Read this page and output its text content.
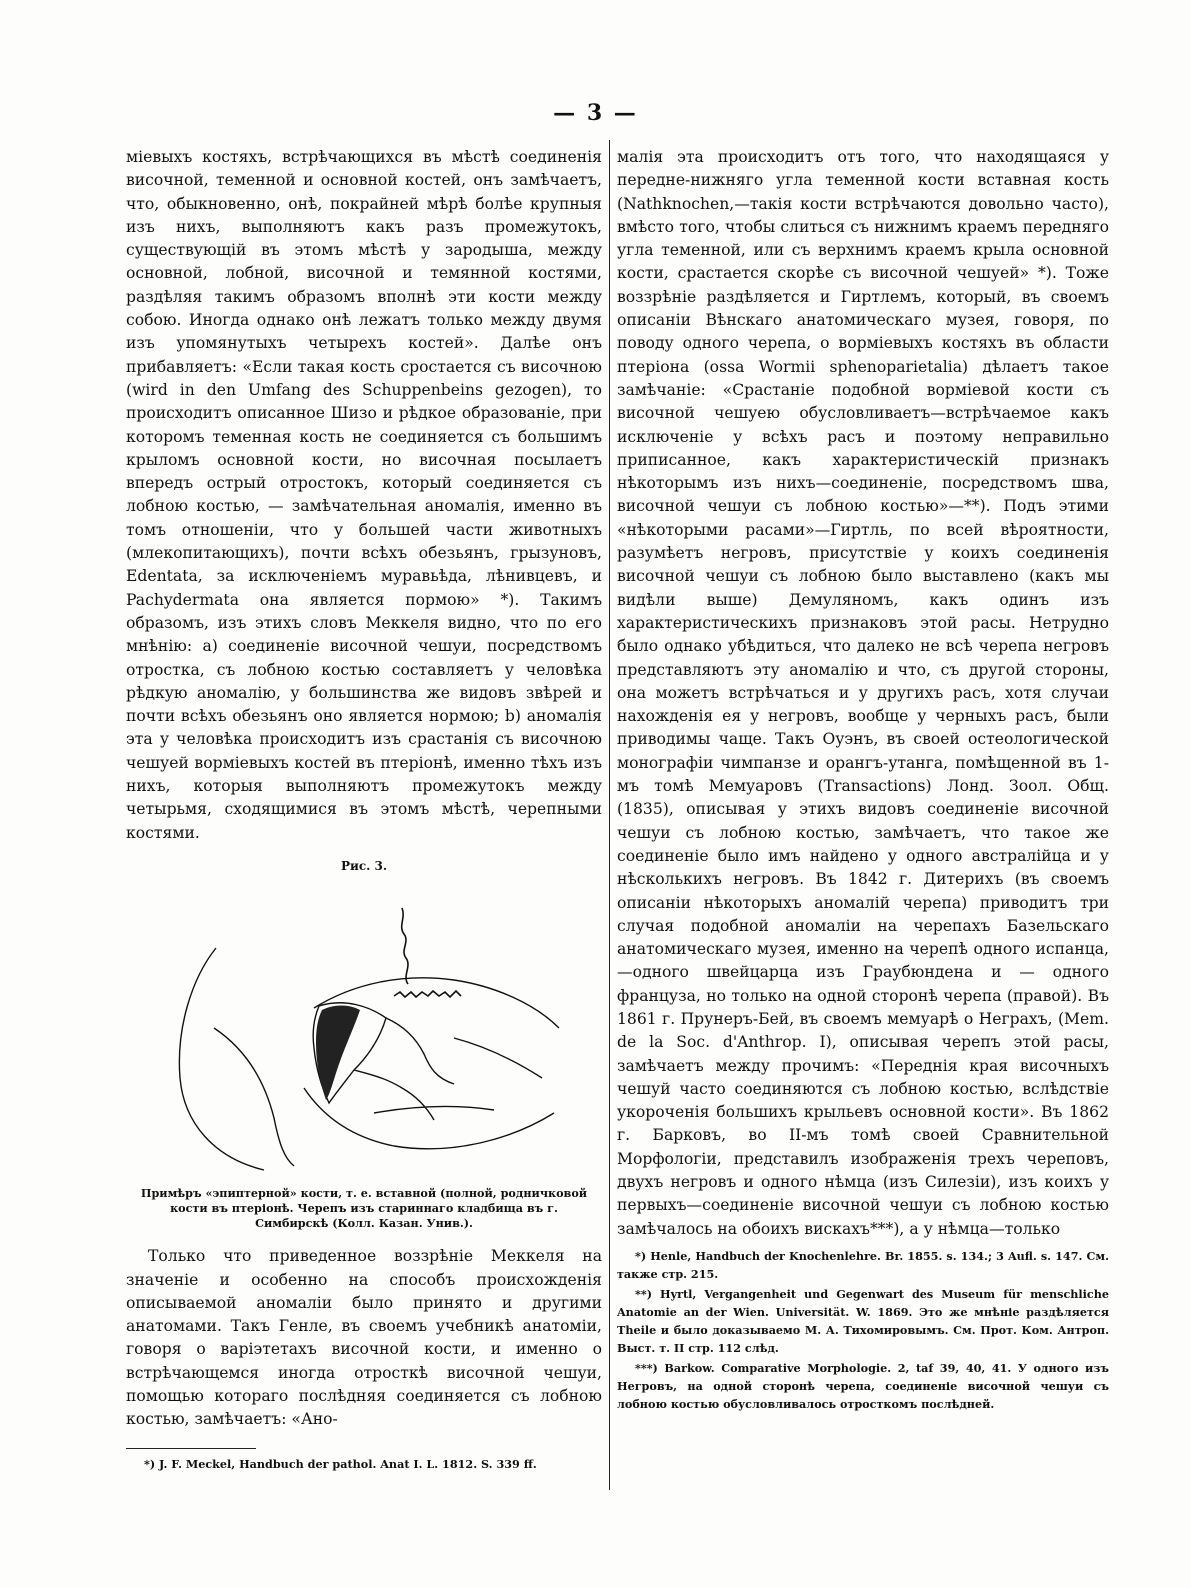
— 3 —

міевыхъ костяхъ, встрѣчающихся въ мѣстѣ соединенія височной, теменной и основной костей, онъ замѣчаетъ, что, обыкновенно, онѣ, покрайней мѣрѣ болѣе крупныя изъ нихъ, выполняютъ какъ разъ промежутокъ, существующій въ этомъ мѣстѣ у зародыша, между основной, лобной, височной и темянной костями, раздѣляя такимъ образомъ вполнѣ эти кости между собою. Иногда однако онѣ лежатъ только между двумя изъ упомянутыхъ четырехъ костей». Далѣе онъ прибавляетъ: «Если такая кость сростается съ височною (wird in den Umfang des Schuppenbeins gezogen), то происходитъ описанное Шизо и рѣдкое образованіе, при которомъ теменная кость не соединяется съ большимъ крыломъ основной кости, но височная посылаетъ впередъ острый отростокъ, который соединяется съ лобною костью, — замѣчательная аномалія, именно въ томъ отношеніи, что у большей части животныхъ (млекопитающихъ), почти всѣхъ обезьянъ, грызуновъ, Edentata, за исключеніемъ муравьѣда, лѣнивцевъ, и Pachydermata она является пормою» *). Такимъ образомъ, изъ этихъ словъ Меккеля видно, что по его мнѣнію: а) соединеніе височной чешуи, посредствомъ отростка, съ лобною костью составляетъ у человѣка рѣдкую аномалію, у большинства же видовъ звѣрей и почти всѣхъ обезьянъ оно является нормою; b) аномалія эта у человѣка происходитъ изъ срастанія съ височною чешуей ворміевыхъ костей въ птеріонѣ, именно тѣхъ изъ нихъ, которыя выполняютъ промежутокъ между четырьмя, сходящимися въ этомъ мѣстѣ, черепными костями.

Рис. 3.
Примѣръ «эпиптерной» кости, т. е. вставной (полной, родничковой кости въ птеріонѣ. Черепъ изъ стариннаго кладбища въ г. Симбирскѣ (Колл. Казан. Унив.).

Только что приведенное воззрѣніе Меккеля на значеніе и особенно на способъ происхожденія описываемой аномаліи было принято и другими анатомами. Такъ Генле, въ своемъ учебникѣ анатоміи, говоря о варіэтетахъ височной кости, и именно о встрѣчающемся иногда отросткѣ височной чешуи, помощью котораго послѣдняя соединяется съ лобною костью, замѣчаетъ: «Ано-

*) J. F. Meckel, Handbuch der pathol. Anat I. L. 1812. S. 339 ff.

малія эта происходитъ отъ того, что находящаяся у передне-нижняго угла теменной кости вставная кость (Nathknochen,—такія кости встрѣчаются довольно часто), вмѣсто того, чтобы слиться съ нижнимъ краемъ передняго угла теменной, или съ верхнимъ краемъ крыла основной кости, срастается скорѣе съ височной чешуей» *). Тоже воззрѣніе раздѣляется и Гиртлемъ, который, въ своемъ описаніи Вѣнскаго анатомическаго музея, говоря, по поводу одного черепа, о ворміевыхъ костяхъ въ области птеріона (ossa Wormii sphenoparietalia) дѣлаетъ такое замѣчаніе: «Срастаніе подобной ворміевой кости съ височной чешуею обусловливаетъ—встрѣчаемое какъ исключеніе у всѣхъ расъ и поэтому неправильно приписанное, какъ характеристическій признакъ нѣкоторымъ изъ нихъ—соединеніе, посредствомъ шва, височной чешуи съ лобною костью»—**). Подъ этими «нѣкоторыми расами»—Гиртль, по всей вѣроятности, разумѣетъ негровъ, присутствіе у коихъ соединенія височной чешуи съ лобною было выставлено (какъ мы видѣли выше) Демуляномъ, какъ одинъ изъ характеристическихъ признаковъ этой расы. Нетрудно было однако убѣдиться, что далеко не всѣ черепа негровъ представляютъ эту аномалію и что, съ другой стороны, она можетъ встрѣчаться и у другихъ расъ, хотя случаи нахожденія ея у негровъ, вообще у черныхъ расъ, были приводимы чаще. Такъ Оуэнъ, въ своей остеологической монографіи чимпанзе и орангъ-утанга, помѣщенной въ 1-мъ томѣ Мемуаровъ (Transactions) Лонд. Зоол. Общ. (1835), описывая у этихъ видовъ соединеніе височной чешуи съ лобною костью, замѣчаетъ, что такое же соединеніе было имъ найдено у одного австралійца и у нѣсколькихъ негровъ. Въ 1842 г. Дитерихъ (въ своемъ описаніи нѣкоторыхъ аномалій черепа) приводитъ три случая подобной аномаліи на черепахъ Базельскаго анатомическаго музея, именно на черепѣ одного испанца,—одного швейцарца изъ Граубюндена и — одного француза, но только на одной сторонѣ черепа (правой). Въ 1861 г. Прунеръ-Бей, въ своемъ мемуарѣ о Неграхъ, (Mem. de la Soc. d'Anthrop. I), описывая черепъ этой расы, замѣчаетъ между прочимъ: «Переднія края височныхъ чешуй часто соединяются съ лобною костью, вслѣдствіе укороченія большихъ крыльевъ основной кости». Въ 1862 г. Барковъ, во II-мъ томѣ своей Сравнительной Морфологіи, представилъ изображенія трехъ череповъ, двухъ негровъ и одного нѣмца (изъ Силезіи), изъ коихъ у первыхъ—соединеніе височной чешуи съ лобною костью замѣчалось на обоихъ вискахъ***), а у нѣмца—только

*) Henle, Handbuch der Knochenlehre. Br. 1855. s. 134.; 3 Aufl. s. 147. См. также стр. 215.

**) Hyrtl, Vergangenheit und Gegenwart des Museum für menschliche Anatomie an der Wien. Universität. W. 1869. Это же мнѣніе раздѣляется Theile и было доказываемо М. А. Тихомировымъ. См. Прот. Ком. Антроп. Выст. т. II стр. 112 слѣд.

***) Barkow. Comparative Morphologie. 2, taf 39, 40, 41. У одного изъ Негровъ, на одной сторонѣ черепа, соединеніе височной чешуи съ лобною костью обусловливалось отросткомъ послѣдней.
